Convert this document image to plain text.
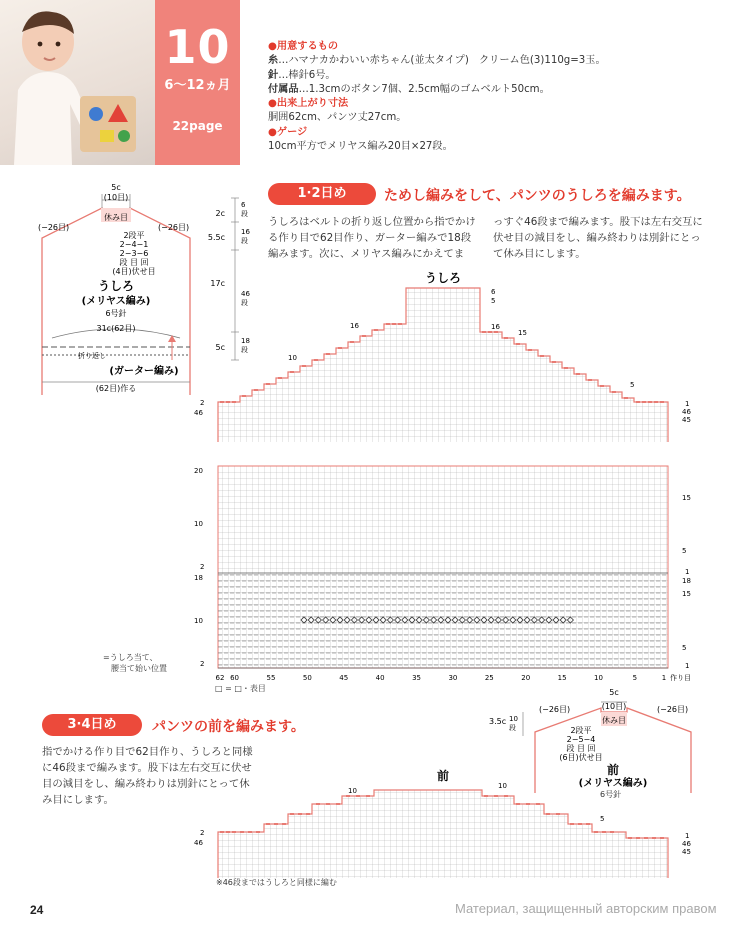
10
6〜12ヵ月
22page
●用意するもの
糸…ハマナカかわいい赤ちゃん(並太タイプ)　クリーム色(3)110g=3玉。
針…棒針6号。
付属品…1.3cmのボタン7個、2.5cm幅のゴムベルト50cm。
●出来上がり寸法
胴囲62cm、パンツ丈27cm。
●ゲージ
10cm平方でメリヤス編み20目×27段。
1·2日め	ためし編みをして、パンツのうしろを編みます。
うしろはベルトの折り返し位置から指でかける作り目で62目作り、ガーター編みで18段編みます。次に、メリヤス編みにかえてま
っすぐ46段まで編みます。股下は左右交互に伏せ目の減目をし、編み終わりは別針にとって休み目にします。
5c
(10目)
休み目
(−26目)	(−26目)
2段平
2−4−1
2−3−6
段 目 回
(4目)伏せ目
うしろ
(メリヤス編み)
6号針
31c(62目)
折り返し
(ガーター編み)
(62目)作る
2c
6
段
5.5c
16
段
17c
46
段
5c
18
段
うしろ
6
5
16	16
15
10
5
2
46
20
10
2
18
10
2
1
46
45
15
5
1
18
15
5
1
62 60	55	50	45	40	35	30	25	20	15	10	5	1 作り目
=うしろ当て、
　腰当て始い位置
□ = □・表目
3·4日め	パンツの前を編みます。
指でかける作り目で62目作り、うしろと同様に46段まで編みます。股下は左右交互に伏せ目の減目をし、編み終わりは別針にとって休み目にします。
5c
休み目
(10目)
(−26目)	(−26目)
3.5c 10
段	2段平
2−5−4
段 目 回
(6目)伏せ目
前
(メリヤス編み)
6号針
前
10
10
5
2
46
1
46
45
※46段まではうしろと同様に編む
24	Материал, защищенный авторским правом
